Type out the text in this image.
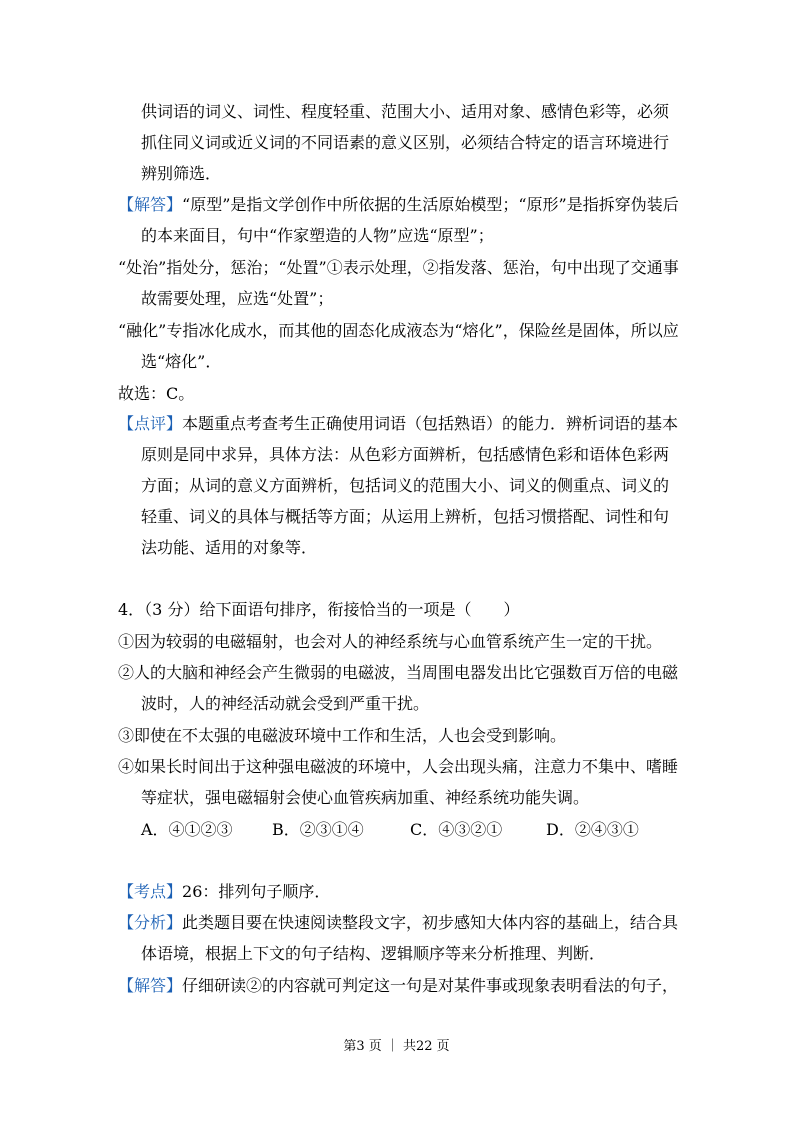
供词语的词义、词性、程度轻重、范围大小、适用对象、感情色彩等，必须
抓住同义词或近义词的不同语素的意义区别，必须结合特定的语言环境进行
辨别筛选．
【解答】“原型”是指文学创作中所依据的生活原始模型；“原形”是指拆穿伪装后
的本来面目，句中“作家塑造的人物”应选“原型”；
“处治”指处分，惩治；“处置”①表示处理，②指发落、惩治，句中出现了交通事
故需要处理，应选“处置”；
“融化”专指冰化成水，而其他的固态化成液态为“熔化”，保险丝是固体，所以应
选“熔化”．
故选：C。
【点评】本题重点考查考生正确使用词语（包括熟语）的能力．辨析词语的基本
原则是同中求异，具体方法：从色彩方面辨析，包括感情色彩和语体色彩两
方面；从词的意义方面辨析，包括词义的范围大小、词义的侧重点、词义的
轻重、词义的具体与概括等方面；从运用上辨析，包括习惯搭配、词性和句
法功能、适用的对象等．
4．（3 分）给下面语句排序，衔接恰当的一项是（　　）
①因为较弱的电磁辐射，也会对人的神经系统与心血管系统产生一定的干扰。
②人的大脑和神经会产生微弱的电磁波，当周围电器发出比它强数百万倍的电磁
波时，人的神经活动就会受到严重干扰。
③即使在不太强的电磁波环境中工作和生活，人也会受到影响。
④如果长时间出于这种强电磁波的环境中，人会出现头痛，注意力不集中、嗜睡
等症状，强电磁辐射会使心血管疾病加重、神经系统功能失调。
A．④①②③ B．②③①④	C．④③②①	D．②④③①
【考点】26：排列句子顺序．
【分析】此类题目要在快速阅读整段文字，初步感知大体内容的基础上，结合具
体语境，根据上下文的句子结构、逻辑顺序等来分析推理、判断．
【解答】仔细研读②的内容就可判定这一句是对某件事或现象表明看法的句子，
第3 页 ｜ 共22 页
